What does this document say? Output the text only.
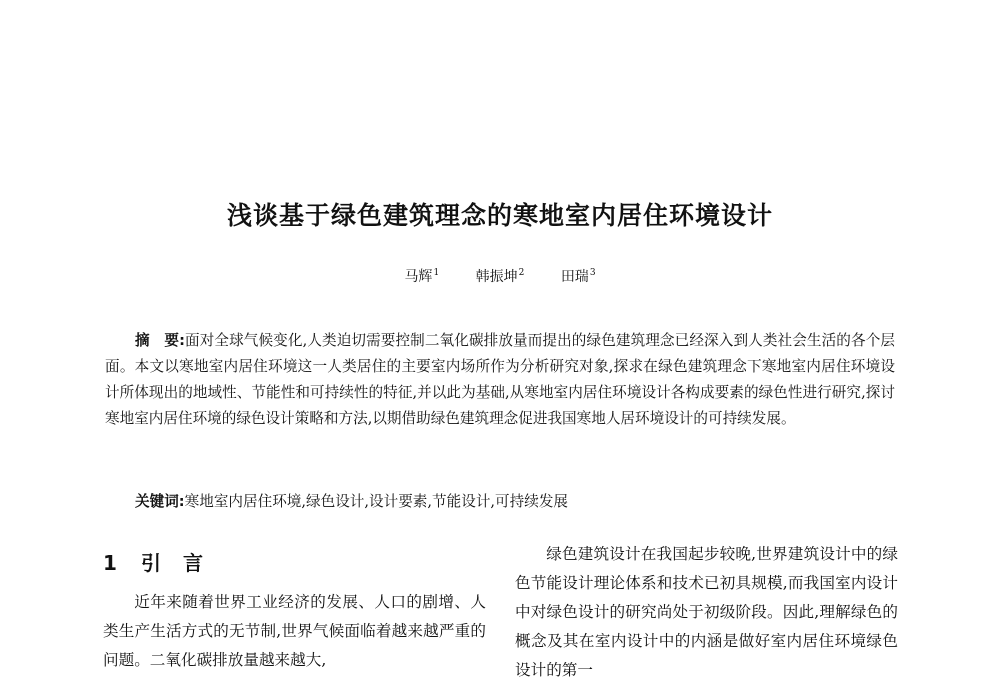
浅谈基于绿色建筑理念的寒地室内居住环境设计
马辉$^1$	韩振坤$^2$	田瑞$^3$
摘　要:面对全球气候变化,人类迫切需要控制二氧化碳排放量而提出的绿色建筑理念已经深入到人类社会生活的各个层面。本文以寒地室内居住环境这一人类居住的主要室内场所作为分析研究对象,探求在绿色建筑理念下寒地室内居住环境设计所体现出的地域性、节能性和可持续性的特征,并以此为基础,从寒地室内居住环境设计各构成要素的绿色性进行研究,探讨寒地室内居住环境的绿色设计策略和方法,以期借助绿色建筑理念促进我国寒地人居环境设计的可持续发展。
关键词:寒地室内居住环境,绿色设计,设计要素,节能设计,可持续发展
1 引言

近年来随着世界工业经济的发展、人口的剧增、人类生产生活方式的无节制,世界气候面临着越来越严重的问题。二氧化碳排放量越来越大,

绿色建筑设计在我国起步较晚,世界建筑设计中的绿色节能设计理论体系和技术已初具规模,而我国室内设计中对绿色设计的研究尚处于初级阶段。因此,理解绿色的概念及其在室内设计中的内涵是做好室内居住环境绿色设计的第一
